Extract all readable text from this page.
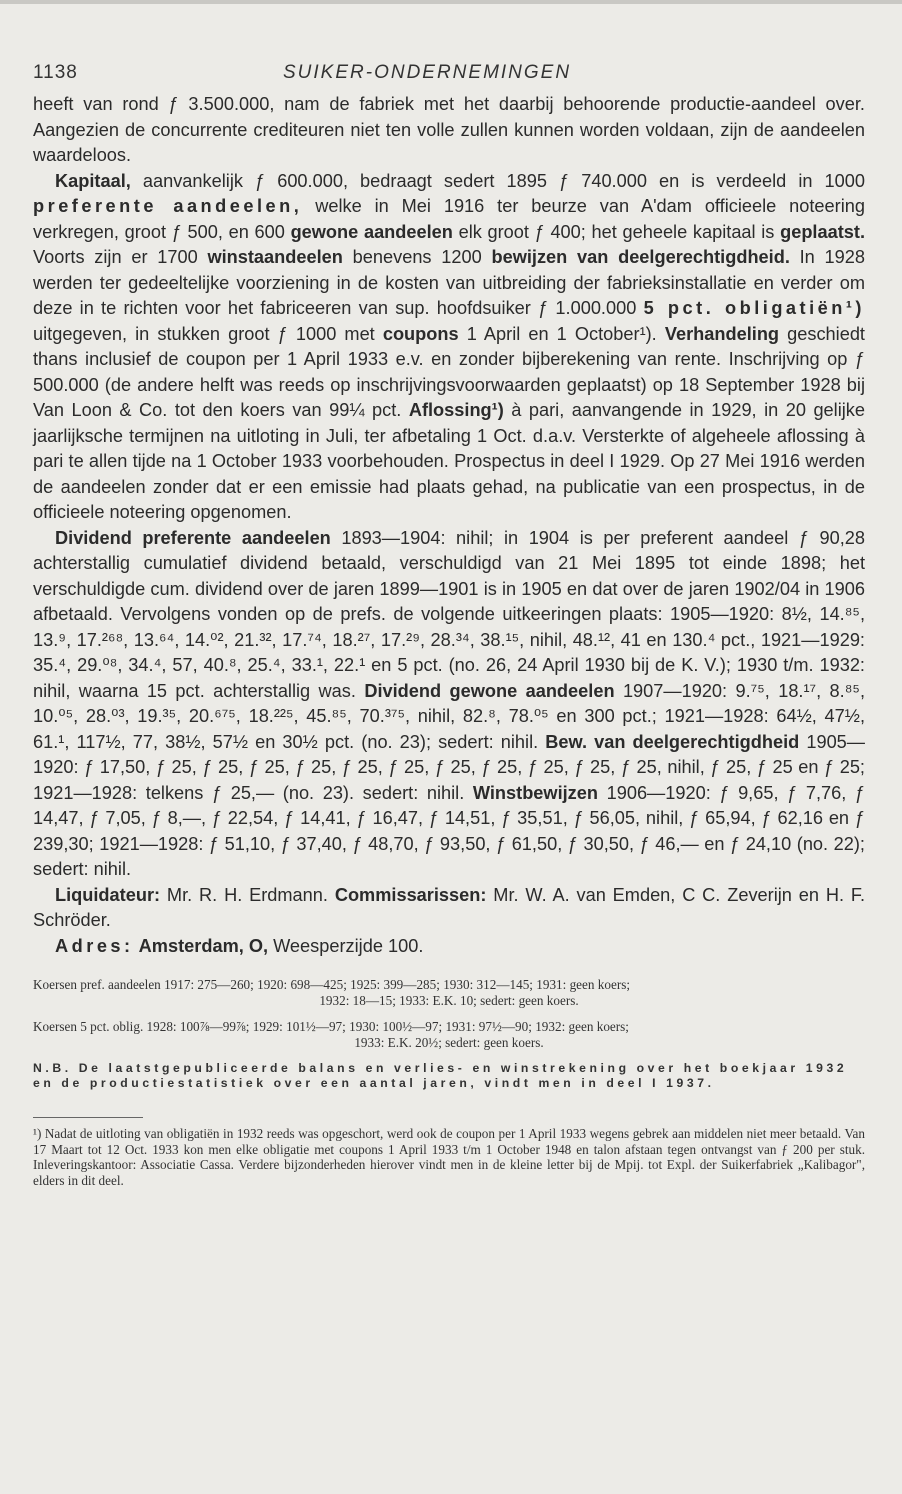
1138	SUIKER-ONDERNEMINGEN

heeft van rond ƒ 3.500.000, nam de fabriek met het daarbij behoorende productie-aandeel over. Aangezien de concurrente crediteuren niet ten volle zullen kunnen worden voldaan, zijn de aandeelen waardeloos.

Kapitaal, aanvankelijk ƒ 600.000, bedraagt sedert 1895 ƒ 740.000 en is verdeeld in 1000 preferente aandeelen, welke in Mei 1916 ter beurze van A'dam officieele noteering verkregen, groot ƒ 500, en 600 gewone aandeelen elk groot ƒ 400; het geheele kapitaal is geplaatst. Voorts zijn er 1700 winstaandeelen benevens 1200 bewijzen van deelgerechtigdheid. In 1928 werden ter gedeeltelijke voorziening in de kosten van uitbreiding der fabrieksinstallatie en verder om deze in te richten voor het fabriceeren van sup. hoofdsuiker ƒ 1.000.000 5 pct. obligatiën¹) uitgegeven, in stukken groot ƒ 1000 met coupons 1 April en 1 October¹). Verhandeling geschiedt thans inclusief de coupon per 1 April 1933 e.v. en zonder bijberekening van rente. Inschrijving op ƒ 500.000 (de andere helft was reeds op inschrijvingsvoorwaarden geplaatst) op 18 September 1928 bij Van Loon & Co. tot den koers van 99¼ pct. Aflossing¹) à pari, aanvangende in 1929, in 20 gelijke jaarlijksche termijnen na uitloting in Juli, ter afbetaling 1 Oct. d.a.v. Versterkte of algeheele aflossing à pari te allen tijde na 1 October 1933 voorbehouden. Prospectus in deel I 1929. Op 27 Mei 1916 werden de aandeelen zonder dat er een emissie had plaats gehad, na publicatie van een prospectus, in de officieele noteering opgenomen.

Dividend preferente aandeelen 1893—1904: nihil; in 1904 is per preferent aandeel ƒ 90,28 achterstallig cumulatief dividend betaald, verschuldigd van 21 Mei 1895 tot einde 1898; het verschuldigde cum. dividend over de jaren 1899—1901 is in 1905 en dat over de jaren 1902/04 in 1906 afbetaald. Vervolgens vonden op de prefs. de volgende uitkeeringen plaats: 1905—1920: 8½, 14.⁸⁵, 13.⁹, 17.²⁶⁸, 13.⁶⁴, 14.⁰², 21.³², 17.⁷⁴, 18.²⁷, 17.²⁹, 28.³⁴, 38.¹⁵, nihil, 48.¹², 41 en 130.⁴ pct., 1921—1929: 35.⁴, 29.⁰⁸, 34.⁴, 57, 40.⁸, 25.⁴, 33.¹, 22.¹ en 5 pct. (no. 26, 24 April 1930 bij de K. V.); 1930 t/m. 1932: nihil, waarna 15 pct. achterstallig was. Dividend gewone aandeelen 1907—1920: 9.⁷⁵, 18.¹⁷, 8.⁸⁵, 10.⁰⁵, 28.⁰³, 19.³⁵, 20.⁶⁷⁵, 18.²²⁵, 45.⁸⁵, 70.³⁷⁵, nihil, 82.⁸, 78.⁰⁵ en 300 pct.; 1921—1928: 64½, 47½, 61.¹, 117½, 77, 38½, 57½ en 30½ pct. (no. 23); sedert: nihil. Bew. van deelgerechtigdheid 1905—1920: ƒ 17,50, ƒ 25, ƒ 25, ƒ 25, ƒ 25, ƒ 25, ƒ 25, ƒ 25, ƒ 25, ƒ 25, ƒ 25, ƒ 25, nihil, ƒ 25, ƒ 25 en ƒ 25; 1921—1928: telkens ƒ 25,— (no. 23). sedert: nihil. Winstbewijzen 1906—1920: ƒ 9,65, ƒ 7,76, ƒ 14,47, ƒ 7,05, ƒ 8,—, ƒ 22,54, ƒ 14,41, ƒ 16,47, ƒ 14,51, ƒ 35,51, ƒ 56,05, nihil, ƒ 65,94, ƒ 62,16 en ƒ 239,30; 1921—1928: ƒ 51,10, ƒ 37,40, ƒ 48,70, ƒ 93,50, ƒ 61,50, ƒ 30,50, ƒ 46,— en ƒ 24,10 (no. 22); sedert: nihil.

Liquidateur: Mr. R. H. Erdmann. Commissarissen: Mr. W. A. van Emden, C C. Zeverijn en H. F. Schröder.

Adres: Amsterdam, O, Weesperzijde 100.

Koersen pref. aandeelen 1917: 275—260; 1920: 698—425; 1925: 399—285; 1930: 312—145; 1931: geen koers;
1932: 18—15; 1933: E.K. 10; sedert: geen koers.

Koersen 5 pct. oblig. 1928: 100⅞—99⅞; 1929: 101½—97; 1930: 100½—97; 1931: 97½—90; 1932: geen koers;
1933: E.K. 20½; sedert: geen koers.

N.B. De laatstgepubliceerde balans en verlies- en winstrekening over het boekjaar 1932 en de productiestatistiek over een aantal jaren, vindt men in deel I 1937.
¹) Nadat de uitloting van obligatiën in 1932 reeds was opgeschort, werd ook de coupon per 1 April 1933 wegens gebrek aan middelen niet meer betaald. Van 17 Maart tot 12 Oct. 1933 kon men elke obligatie met coupons 1 April 1933 t/m 1 October 1948 en talon afstaan tegen ontvangst van ƒ 200 per stuk. Inleveringskantoor: Associatie Cassa. Verdere bijzonderheden hierover vindt men in de kleine letter bij de Mpij. tot Expl. der Suikerfabriek „Kalibagor", elders in dit deel.
